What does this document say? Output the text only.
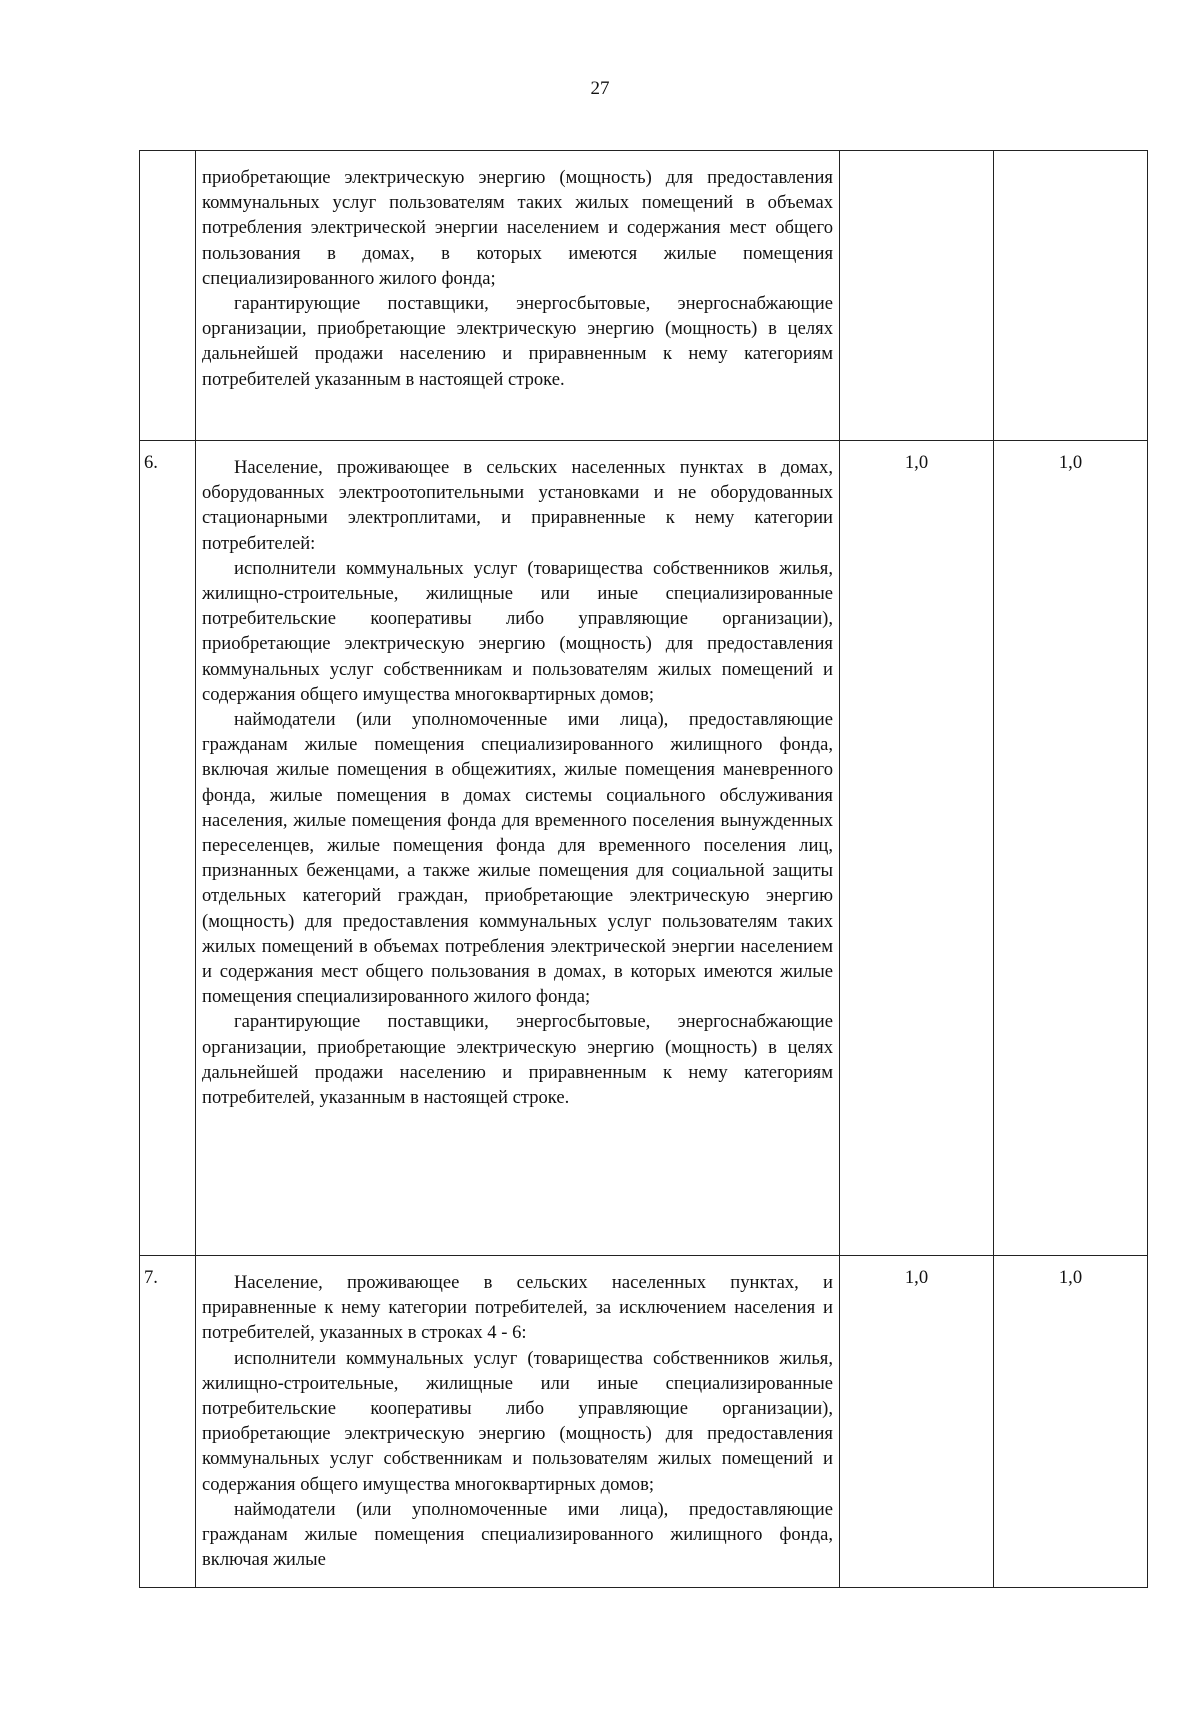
27

	приобретающие электрическую энергию (мощность) для предоставления коммунальных услуг пользователям таких жилых помещений в объемах потребления электрической энергии населением и содержания мест общего пользования в домах, в которых имеются жилые помещения специализированного жилого фонда;

гарантирующие поставщики, энергосбытовые, энергоснабжающие организации, приобретающие электрическую энергию (мощность) в целях дальнейшей продажи населению и приравненным к нему категориям потребителей указанным в настоящей строке.		

6.	Население, проживающее в сельских населенных пунктах в домах, оборудованных электроотопительными установками и не оборудованных стационарными электроплитами, и приравненные к нему категории потребителей:

исполнители коммунальных услуг (товарищества собственников жилья, жилищно-строительные, жилищные или иные специализированные потребительские кооперативы либо управляющие организации), приобретающие электрическую энергию (мощность) для предоставления коммунальных услуг собственникам и пользователям жилых помещений и содержания общего имущества многоквартирных домов;

наймодатели (или уполномоченные ими лица), предоставляющие гражданам жилые помещения специализированного жилищного фонда, включая жилые помещения в общежитиях, жилые помещения маневренного фонда, жилые помещения в домах системы социального обслуживания населения, жилые помещения фонда для временного поселения вынужденных переселенцев, жилые помещения фонда для временного поселения лиц, признанных беженцами, а также жилые помещения для социальной защиты отдельных категорий граждан, приобретающие электрическую энергию (мощность) для предоставления коммунальных услуг пользователям таких жилых помещений в объемах потребления электрической энергии населением и содержания мест общего пользования в домах, в которых имеются жилые помещения специализированного жилого фонда;

гарантирующие поставщики, энергосбытовые, энергоснабжающие организации, приобретающие электрическую энергию (мощность) в целях дальнейшей продажи населению и приравненным к нему категориям потребителей, указанным в настоящей строке.	1,0	1,0
7.	Население, проживающее в сельских населенных пунктах, и приравненные к нему категории потребителей, за исключением населения и потребителей, указанных в строках 4 - 6:

исполнители коммунальных услуг (товарищества собственников жилья, жилищно-строительные, жилищные или иные специализированные потребительские кооперативы либо управляющие организации), приобретающие электрическую энергию (мощность) для предоставления коммунальных услуг собственникам и пользователям жилых помещений и содержания общего имущества многоквартирных домов;

наймодатели (или уполномоченные ими лица), предоставляющие гражданам жилые помещения специализированного жилищного фонда, включая жилые	1,0	1,0
